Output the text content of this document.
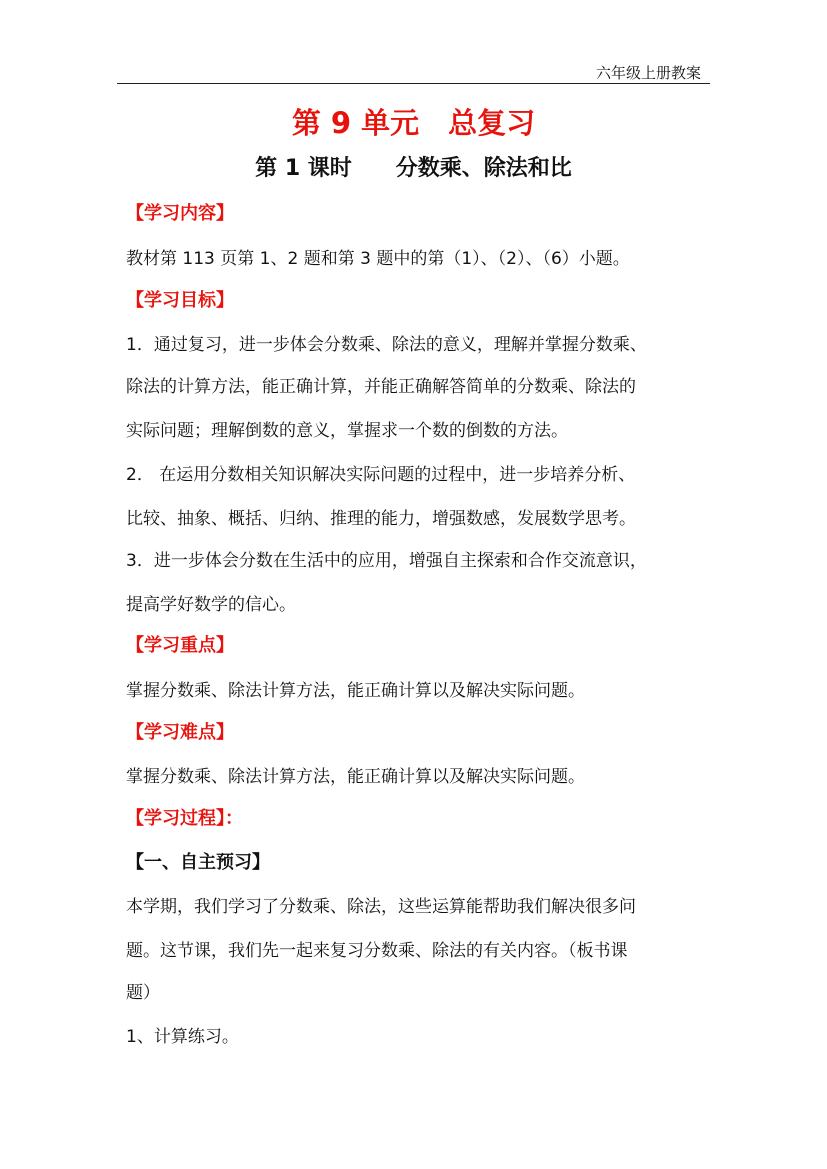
六年级上册教案
第 9 单元　总复习
第 1 课时　　分数乘、除法和比
【学习内容】
教材第 113 页第 1、2 题和第 3 题中的第（1）、（2）、（6）小题。
【学习目标】
1．通过复习，进一步体会分数乘、除法的意义，理解并掌握分数乘、
除法的计算方法，能正确计算，并能正确解答简单的分数乘、除法的
实际问题；理解倒数的意义，掌握求一个数的倒数的方法。
2． 在运用分数相关知识解决实际问题的过程中，进一步培养分析、
比较、抽象、概括、归纳、推理的能力，增强数感，发展数学思考。
3．进一步体会分数在生活中的应用，增强自主探索和合作交流意识，
提高学好数学的信心。
【学习重点】
掌握分数乘、除法计算方法，能正确计算以及解决实际问题。
【学习难点】
掌握分数乘、除法计算方法，能正确计算以及解决实际问题。
【学习过程】：
【一、自主预习】
本学期，我们学习了分数乘、除法，这些运算能帮助我们解决很多问
题。这节课，我们先一起来复习分数乘、除法的有关内容。（板书课
题）
1、计算练习。
